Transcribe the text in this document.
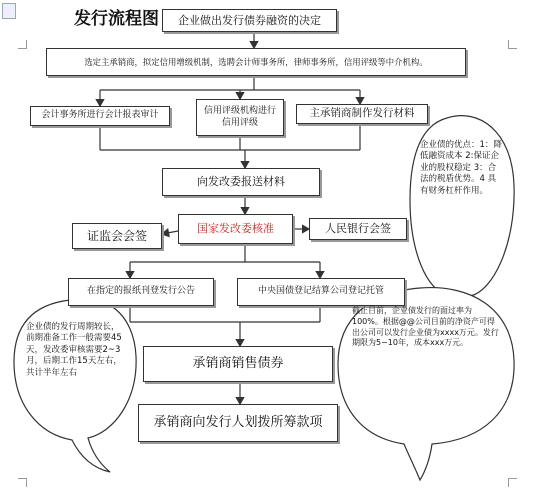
发行流程图 企业做出发行债券融资的决定
选定主承销商，拟定信用增级机制，选聘会计师事务所，律师事务所，信用评级等中介机构。
会计事务所进行会计报表审计	信用评级机构进行信用评级
主承销商制作发行材料
向发改委报送材料
国家发改委核准
证监会会签	人民银行会签
在指定的报纸刊登发行公告	中央国债登记结算公司登记托管
承销商销售债券
承销商向发行人划拨所筹款项
企业债的优点：1：降低融资成本 2:保证企业的股权稳定 3：合法的税盾优势。4 具有财务杠杆作用。
企业债的发行周期较长，前期准备工作一般需要45天，发改委审核需要2~3月，后期工作15天左右，共计半年左右
截止目前，企业债发行的面过率为100%。根据@@公司目前的净资产可得出公司可以发行企业债为xxxx万元。发行期限为5~10年，成本xxx万元。
